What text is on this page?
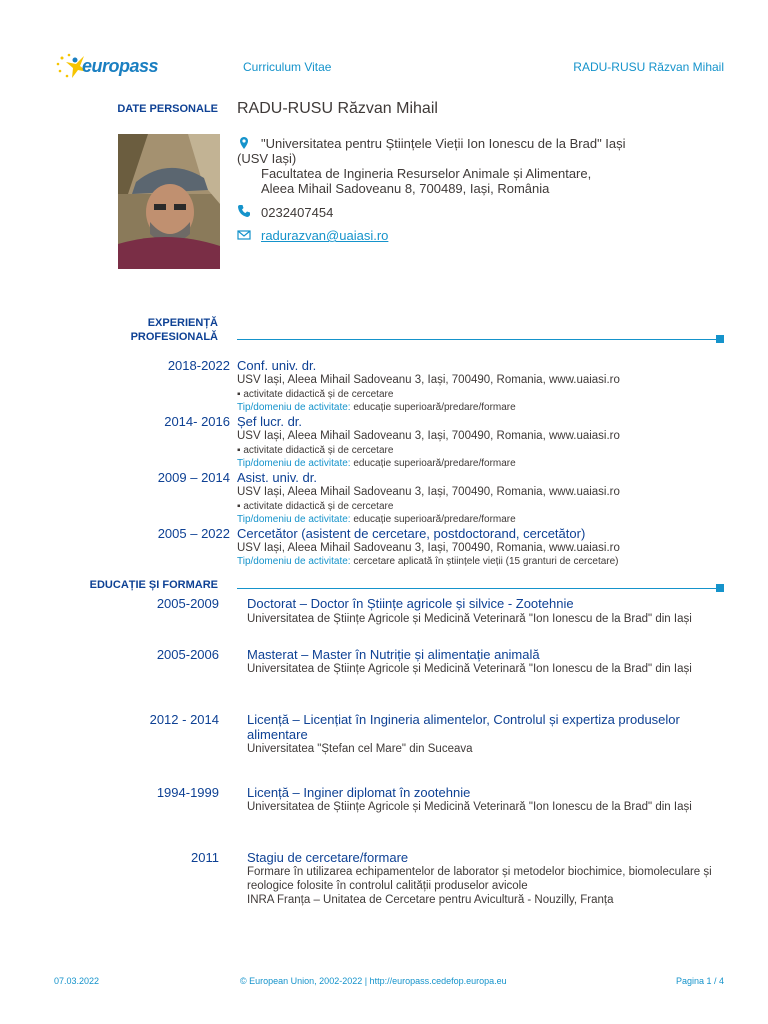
europass	Curriculum Vitae	RADU-RUSU Răzvan Mihail
DATE PERSONALE RADU-RUSU Răzvan Mihail
"Universitatea pentru Științele Vieții Ion Ionescu de la Brad" Iași
(USV Iași)
Facultatea de Ingineria Resurselor Animale și Alimentare,
Aleea Mihail Sadoveanu 8, 700489, Iași, România
0232407454
radurazvan@uaiasi.ro
EXPERIENȚĂ
PROFESIONALĂ
2018-2022 Conf. univ. dr.
USV Iași, Aleea Mihail Sadoveanu 3, Iași, 700490, Romania, www.uaiasi.ro
▪ activitate didactică și de cercetare
Tip/domeniu de activitate: educație superioară/predare/formare
2014- 2016 Șef lucr. dr.
USV Iași, Aleea Mihail Sadoveanu 3, Iași, 700490, Romania, www.uaiasi.ro
▪ activitate didactică și de cercetare
Tip/domeniu de activitate: educație superioară/predare/formare
2009 – 2014 Asist. univ. dr.
USV Iași, Aleea Mihail Sadoveanu 3, Iași, 700490, Romania, www.uaiasi.ro
▪ activitate didactică și de cercetare
Tip/domeniu de activitate: educație superioară/predare/formare
2005 – 2022 Cercetător (asistent de cercetare, postdoctorand, cercetător)
USV Iași, Aleea Mihail Sadoveanu 3, Iași, 700490, Romania, www.uaiasi.ro
Tip/domeniu de activitate: cercetare aplicată în științele vieții (15 granturi de cercetare)
EDUCAȚIE ȘI FORMARE
2005-2009 Doctorat – Doctor în Științe agricole și silvice - Zootehnie
Universitatea de Științe Agricole și Medicină Veterinară "Ion Ionescu de la Brad" din Iași
2005-2006 Masterat – Master în Nutriție și alimentație animală
Universitatea de Științe Agricole și Medicină Veterinară "Ion Ionescu de la Brad" din Iași
2012 - 2014 Licență – Licențiat în Ingineria alimentelor, Controlul și expertiza produselor alimentare
Universitatea "Ștefan cel Mare" din Suceava
1994-1999 Licență – Inginer diplomat în zootehnie
Universitatea de Științe Agricole și Medicină Veterinară "Ion Ionescu de la Brad" din Iași
2011 Stagiu de cercetare/formare
Formare în utilizarea echipamentelor de laborator și metodelor biochimice, biomoleculare și reologice folosite în controlul calității produselor avicole
INRA Franța – Unitatea de Cercetare pentru Avicultură - Nouzilly, Franța
07.03.2022	© European Union, 2002-2022 | http://europass.cedefop.europa.eu	Pagina 1 / 4
